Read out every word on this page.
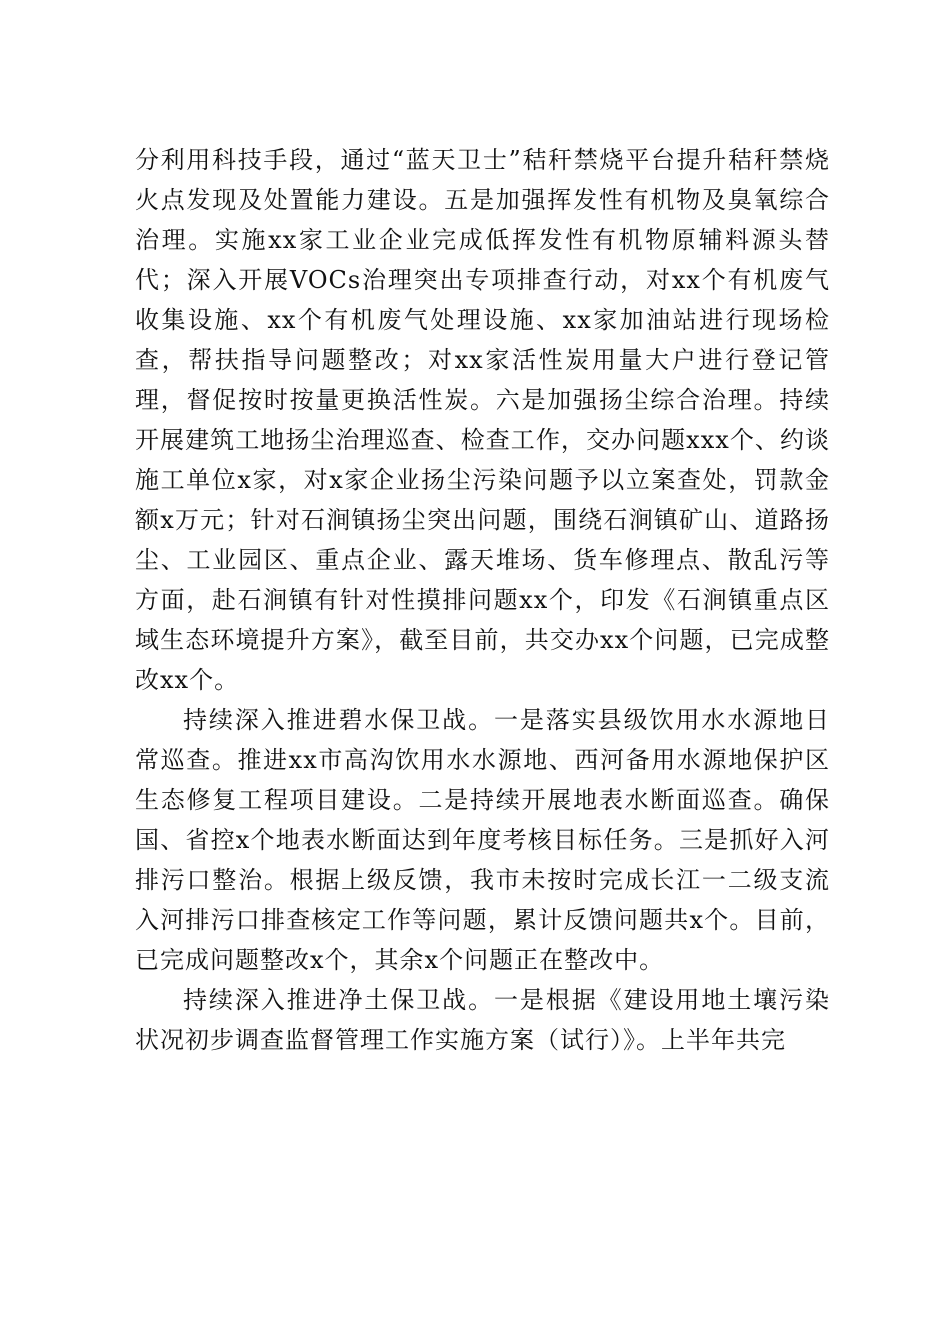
分利用科技手段，通过“蓝天卫士”秸秆禁烧平台提升秸秆禁烧火点发现及处置能力建设。五是加强挥发性有机物及臭氧综合治理。实施xx家工业企业完成低挥发性有机物原辅料源头替代；深入开展VOCs治理突出专项排查行动，对xx个有机废气收集设施、xx个有机废气处理设施、xx家加油站进行现场检查，帮扶指导问题整改；对xx家活性炭用量大户进行登记管理，督促按时按量更换活性炭。六是加强扬尘综合治理。持续开展建筑工地扬尘治理巡查、检查工作，交办问题xxx个、约谈施工单位x家，对x家企业扬尘污染问题予以立案查处，罚款金额x万元；针对石涧镇扬尘突出问题，围绕石涧镇矿山、道路扬尘、工业园区、重点企业、露天堆场、货车修理点、散乱污等方面，赴石涧镇有针对性摸排问题xx个，印发《石涧镇重点区域生态环境提升方案》，截至目前，共交办xx个问题，已完成整改xx个。

持续深入推进碧水保卫战。一是落实县级饮用水水源地日常巡查。推进xx市高沟饮用水水源地、西河备用水源地保护区生态修复工程项目建设。二是持续开展地表水断面巡查。确保国、省控x个地表水断面达到年度考核目标任务。三是抓好入河排污口整治。根据上级反馈，我市未按时完成长江一二级支流入河排污口排查核定工作等问题，累计反馈问题共x个。目前，已完成问题整改x个，其余x个问题正在整改中。

持续深入推进净土保卫战。一是根据《建设用地土壤污染状况初步调查监督管理工作实施方案（试行）》。上半年共完
